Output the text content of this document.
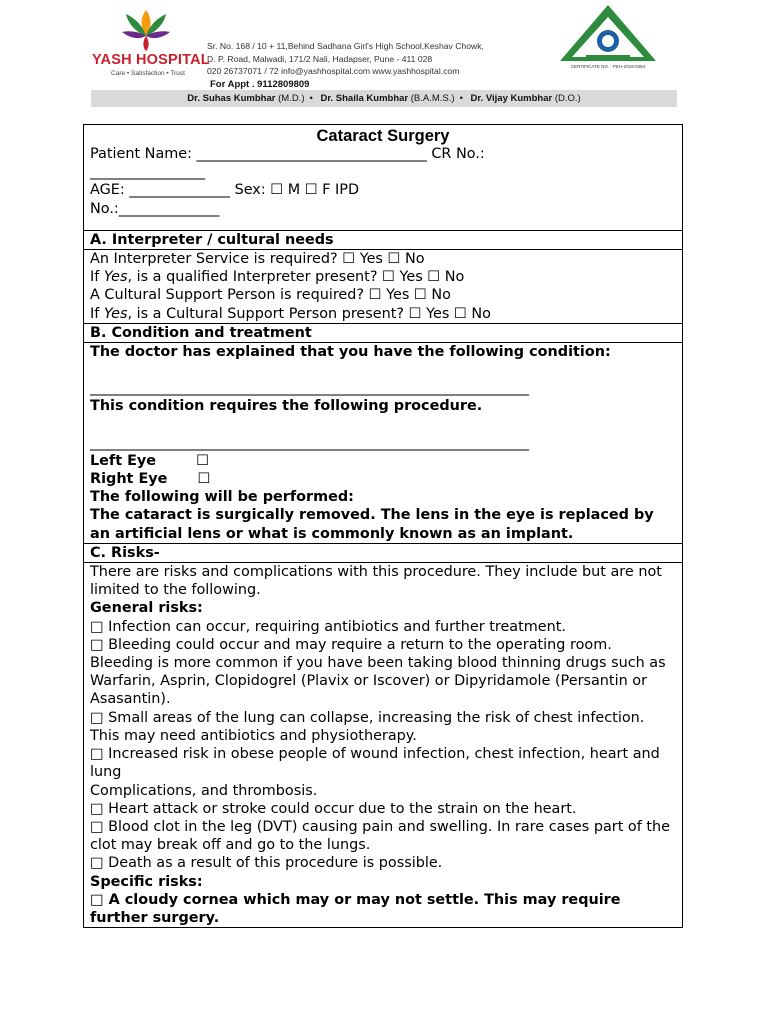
YASH HOSPITAL
Care • Satisfaction • Trust
Sr. No. 168 / 10 + 11,Behind Sadhana Girl's High School,Keshav Chowk,
D. P. Road, Malwadi, 171/2 Nali, Hadapser, Pune - 411 028
020 26737071 / 72 info@yashhospital.com www.yashhospital.com
For Appt . 9112809809
CERTIFICATE NO. : PEH-2019-0364
Dr. Suhas Kumbhar (M.D.) • Dr. Shaila Kumbhar (B.A.M.S.) • Dr. Vijay Kumbhar (D.O.)
Cataract Surgery
Patient Name: ________________________________ CR No.:
________________
AGE: ______________ Sex: ☐ M ☐ F IPD
No.:______________
A. Interpreter / cultural needs
An Interpreter Service is required? ☐ Yes ☐ No
If Yes, is a qualified Interpreter present? ☐ Yes ☐ No
A Cultural Support Person is required? ☐ Yes ☐ No
If Yes, is a Cultural Support Person present? ☐ Yes ☐ No
B. Condition and treatment
The doctor has explained that you have the following condition:
_____________________________________________________________
This condition requires the following procedure.
_____________________________________________________________
Left Eye        ☐
Right Eye      ☐
The following will be performed:
The cataract is surgically removed. The lens in the eye is replaced by an artificial lens or what is commonly known as an implant.
C. Risks-
There are risks and complications with this procedure. They include but are not limited to the following.
General risks:
□ Infection can occur, requiring antibiotics and further treatment.
□ Bleeding could occur and may require a return to the operating room.
Bleeding is more common if you have been taking blood thinning drugs such as Warfarin, Asprin, Clopidogrel (Plavix or Iscover) or Dipyridamole (Persantin or Asasantin).
□ Small areas of the lung can collapse, increasing the risk of chest infection. This may need antibiotics and physiotherapy.
□ Increased risk in obese people of wound infection, chest infection, heart and lung
Complications, and thrombosis.
□ Heart attack or stroke could occur due to the strain on the heart.
□ Blood clot in the leg (DVT) causing pain and swelling. In rare cases part of the clot may break off and go to the lungs.
□ Death as a result of this procedure is possible.
Specific risks:
□ A cloudy cornea which may or may not settle. This may require further surgery.
